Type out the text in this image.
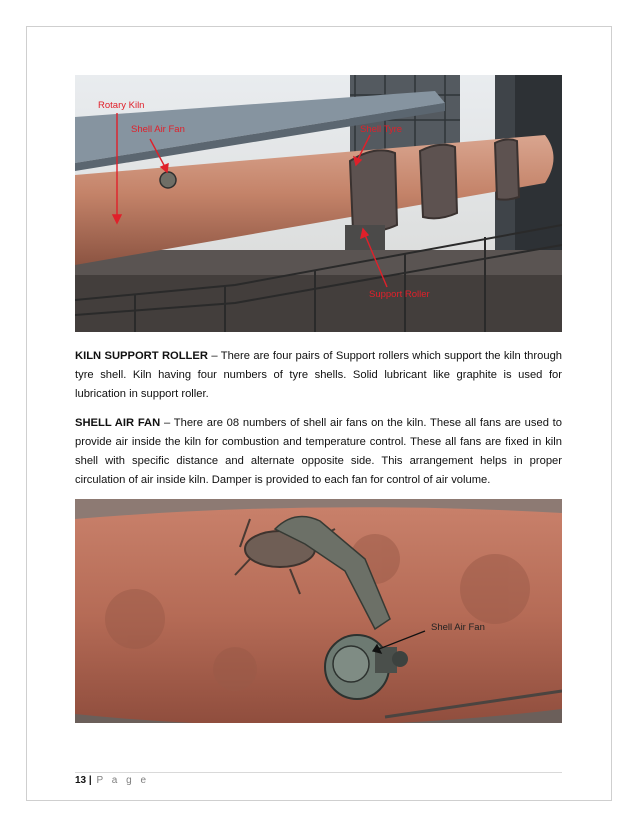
Rotary Kiln
Shell Air Fan	Shell Tyre
Support Roller

KILN SUPPORT ROLLER – There are four pairs of Support rollers which support the kiln through tyre shell. Kiln having four numbers of tyre shells. Solid lubricant like graphite is used for lubrication in support roller.

SHELL AIR FAN – There are 08 numbers of shell air fans on the kiln. These all fans are used to provide air inside the kiln for combustion and temperature control. These all fans are fixed in kiln shell with specific distance and alternate opposite side. This arrangement helps in proper circulation of air inside kiln. Damper is provided to each fan for control of air volume.

Shell Air Fan
13 | P a g e
